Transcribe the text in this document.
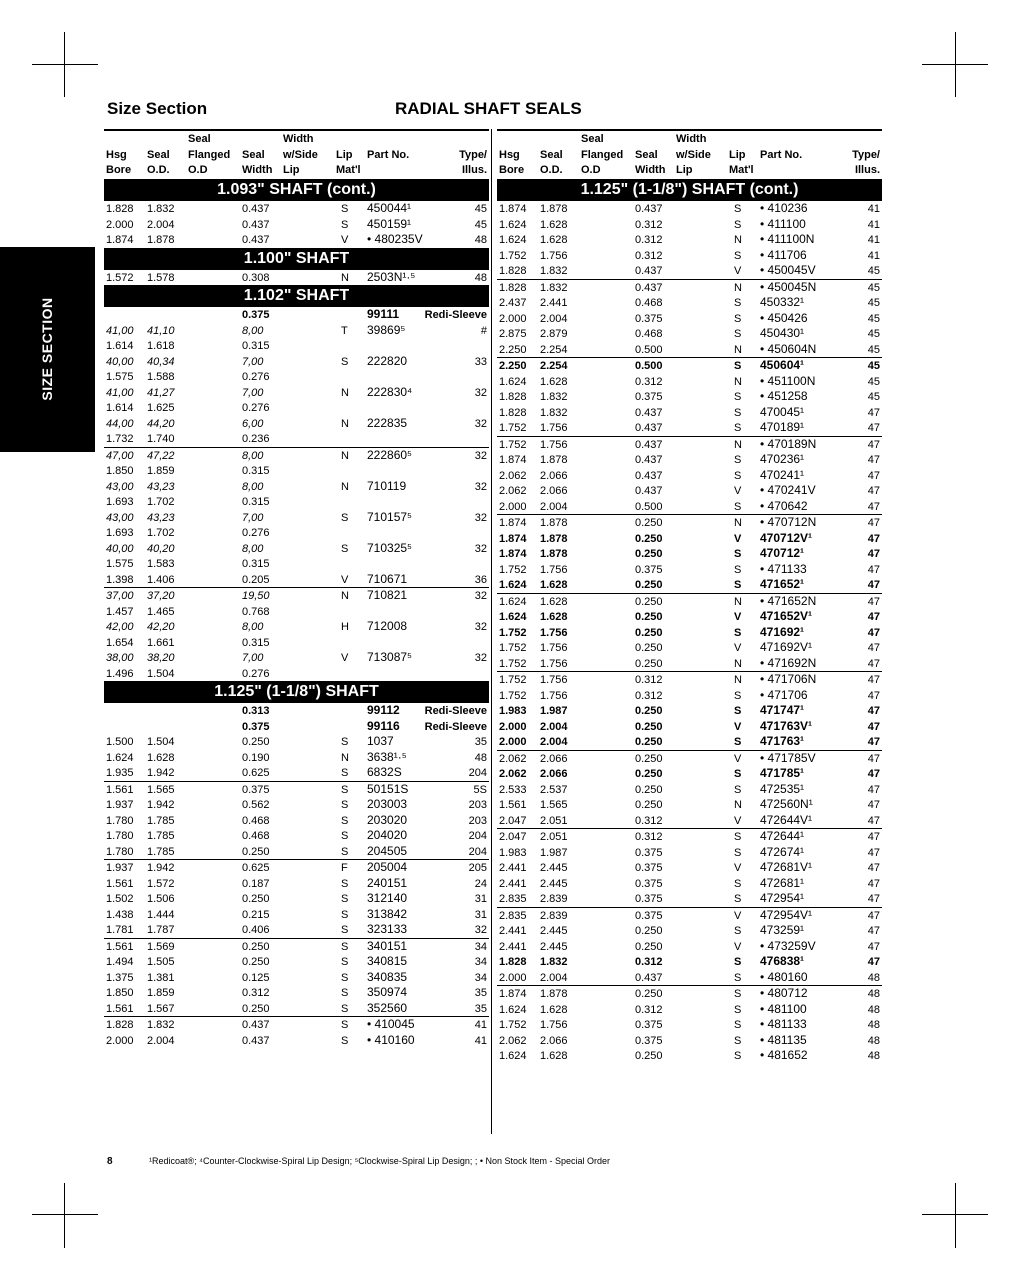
Size Section	RADIAL SHAFT SEALS
SIZE SECTION
Seal	Width
Hsg Seal Flanged Seal w/Side Lip Part No.	Type/
Bore O.D. O.D	Width Lip	Mat'l	Illus.
1.093" SHAFT (cont.)
1.828 1.832	0.437	S 450044¹	45
2.000 2.004	0.437	S 450159¹	45
1.874 1.878	0.437	V • 480235V	48
1.100" SHAFT
1.572 1.578	0.308	N 2503N¹·⁵	48
1.102" SHAFT
0.375	99111 Redi-Sleeve
41,00 41,10	8,00	T 39869⁵	#
1.614 1.618	0.315
40,00 40,34	7,00	S 222820	33
1.575 1.588	0.276
41,00 41,27	7,00	N 222830⁴	32
1.614 1.625	0.276
44,00 44,20	6,00	N 222835	32
1.732 1.740	0.236
47,00 47,22	8,00	N 222860⁵	32
1.850 1.859	0.315
43,00 43,23	8,00	N 710119	32
1.693 1.702	0.315
43,00 43,23	7,00	S 710157⁵	32
1.693 1.702	0.276
40,00 40,20	8,00	S 710325⁵	32
1.575 1.583	0.315
1.398 1.406	0.205	V 710671	36
37,00 37,20	19,50	N 710821	32
1.457 1.465	0.768
42,00 42,20	8,00	H 712008	32
1.654 1.661	0.315
38,00 38,20	7,00	V 713087⁵	32
1.496 1.504	0.276
1.125" (1-1/8") SHAFT
0.313	99112 Redi-Sleeve
0.375	99116 Redi-Sleeve
1.500 1.504	0.250	S 1037	35
1.624 1.628	0.190	N 3638¹·⁵	48
1.935 1.942	0.625	S 6832S	204
1.561 1.565	0.375	S 50151S	5S
1.937 1.942	0.562	S 203003	203
1.780 1.785	0.468	S 203020	203
1.780 1.785	0.468	S 204020	204
1.780 1.785	0.250	S 204505	204
1.937 1.942	0.625	F 205004	205
1.561 1.572	0.187	S 240151	24
1.502 1.506	0.250	S 312140	31
1.438 1.444	0.215	S 313842	31
1.781 1.787	0.406	S 323133	32
1.561 1.569	0.250	S 340151	34
1.494 1.505	0.250	S 340815	34
1.375 1.381	0.125	S 340835	34
1.850 1.859	0.312	S 350974	35
1.561 1.567	0.250	S 352560	35
1.828 1.832	0.437	S • 410045	41
2.000 2.004	0.437	S • 410160	41
Seal	Width
Hsg Seal Flanged Seal w/Side Lip Part No.	Type/
Bore O.D. O.D	Width Lip	Mat'l	Illus.
1.125" (1-1/8") SHAFT (cont.)
1.874 1.878	0.437	S • 410236	41
1.624 1.628	0.312	S • 411100	41
1.624 1.628	0.312	N • 411100N	41
1.752 1.756	0.312	S • 411706	41
1.828 1.832	0.437	V • 450045V	45
1.828 1.832	0.437	N • 450045N	45
2.437 2.441	0.468	S 450332¹	45
2.000 2.004	0.375	S • 450426	45
2.875 2.879	0.468	S 450430¹	45
2.250 2.254	0.500	N • 450604N	45
2.250 2.254	0.500	S 450604¹	45
1.624 1.628	0.312	N • 451100N	45
1.828 1.832	0.375	S • 451258	45
1.828 1.832	0.437	S 470045¹	47
1.752 1.756	0.437	S 470189¹	47
1.752 1.756	0.437	N • 470189N	47
1.874 1.878	0.437	S 470236¹	47
2.062 2.066	0.437	S 470241¹	47
2.062 2.066	0.437	V • 470241V	47
2.000 2.004	0.500	S • 470642	47
1.874 1.878	0.250	N • 470712N	47
1.874 1.878	0.250	V 470712V¹	47
1.874 1.878	0.250	S 470712¹	47
1.752 1.756	0.375	S • 471133	47
1.624 1.628	0.250	S 471652¹	47
1.624 1.628	0.250	N • 471652N	47
1.624 1.628	0.250	V 471652V¹	47
1.752 1.756	0.250	S 471692¹	47
1.752 1.756	0.250	V 471692V¹	47
1.752 1.756	0.250	N • 471692N	47
1.752 1.756	0.312	N • 471706N	47
1.752 1.756	0.312	S • 471706	47
1.983 1.987	0.250	S 471747¹	47
2.000 2.004	0.250	V 471763V¹	47
2.000 2.004	0.250	S 471763¹	47
2.062 2.066	0.250	V • 471785V	47
2.062 2.066	0.250	S 471785¹	47
2.533 2.537	0.250	S 472535¹	47
1.561 1.565	0.250	N 472560N¹	47
2.047 2.051	0.312	V 472644V¹	47
2.047 2.051	0.312	S 472644¹	47
1.983 1.987	0.375	S 472674¹	47
2.441 2.445	0.375	V 472681V¹	47
2.441 2.445	0.375	S 472681¹	47
2.835 2.839	0.375	S 472954¹	47
2.835 2.839	0.375	V 472954V¹	47
2.441 2.445	0.250	S 473259¹	47
2.441 2.445	0.250	V • 473259V	47
1.828 1.832	0.312	S 476838¹	47
2.000 2.004	0.437	S • 480160	48
1.874 1.878	0.250	S • 480712	48
1.624 1.628	0.312	S • 481100	48
1.752 1.756	0.375	S • 481133	48
2.062 2.066	0.375	S • 481135	48
1.624 1.628	0.250	S • 481652	48
8	¹Redicoat®; ⁴Counter-Clockwise-Spiral Lip Design; ⁵Clockwise-Spiral Lip Design; ; • Non Stock Item - Special Order
